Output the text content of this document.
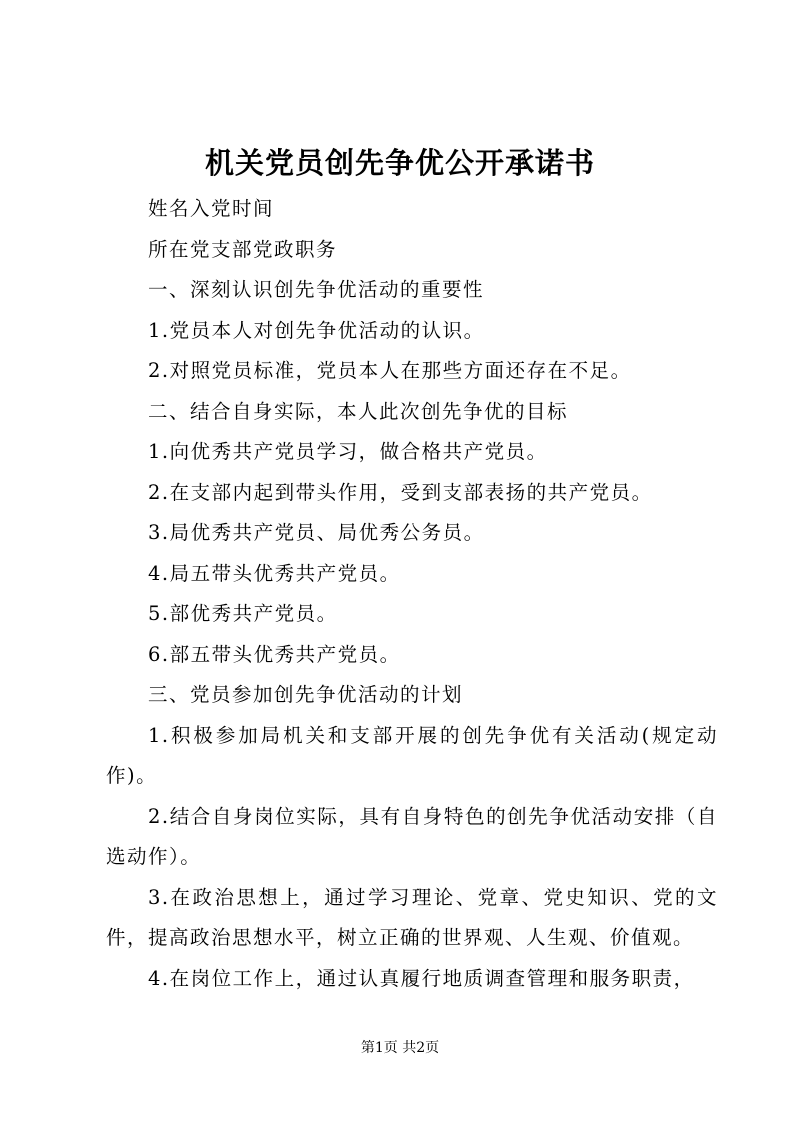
机关党员创先争优公开承诺书
姓名入党时间
所在党支部党政职务
一、深刻认识创先争优活动的重要性
1.党员本人对创先争优活动的认识。
2.对照党员标准，党员本人在那些方面还存在不足。
二、结合自身实际，本人此次创先争优的目标
1.向优秀共产党员学习，做合格共产党员。
2.在支部内起到带头作用，受到支部表扬的共产党员。
3.局优秀共产党员、局优秀公务员。
4.局五带头优秀共产党员。
5.部优秀共产党员。
6.部五带头优秀共产党员。
三、党员参加创先争优活动的计划
1.积极参加局机关和支部开展的创先争优有关活动(规定动作)。
2.结合自身岗位实际，具有自身特色的创先争优活动安排（自选动作）。
3.在政治思想上，通过学习理论、党章、党史知识、党的文件，提高政治思想水平，树立正确的世界观、人生观、价值观。
4.在岗位工作上，通过认真履行地质调查管理和服务职责，
第1页 共2页
